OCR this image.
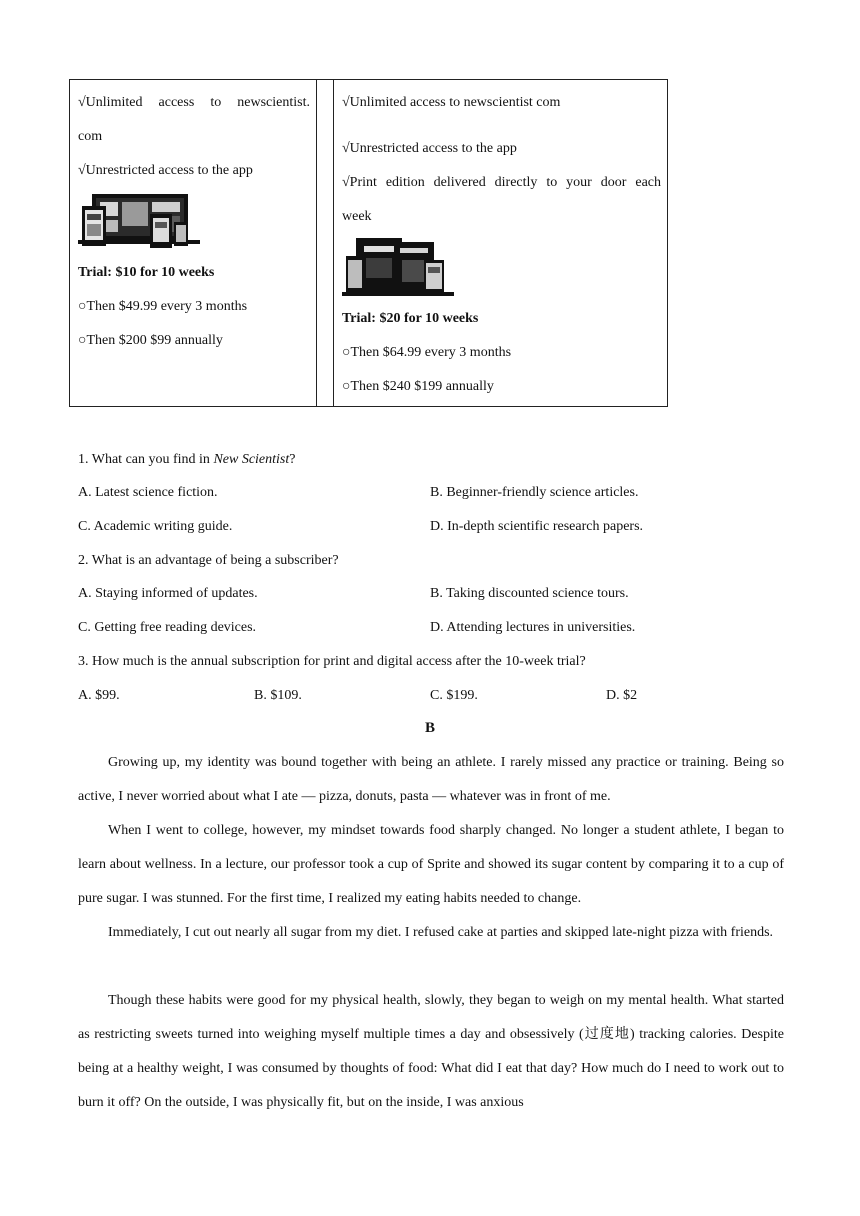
√Unlimited access to newscientist.
com
√Unrestricted access to the app
Trial: $10 for 10 weeks
○Then $49.99 every 3 months
○Then $200 $99 annually
√Unlimited access to newscientist com
√Unrestricted access to the app
√Print edition delivered directly to your door each
week
Trial: $20 for 10 weeks
○Then $64.99 every 3 months
○Then $240 $199 annually
1. What can you find in New Scientist?
A. Latest science fiction.	B. Beginner-friendly science articles.
C. Academic writing guide.	D. In-depth scientific research papers.
2. What is an advantage of being a subscriber?
A. Staying informed of updates.	B. Taking discounted science tours.
C. Getting free reading devices.	D. Attending lectures in universities.
3. How much is the annual subscription for print and digital access after the 10-week trial?
A. $99.	B. $109.	C. $199.	D. $2
B
Growing up, my identity was bound together with being an athlete. I rarely missed any practice or training. Being so active, I never worried about what I ate — pizza, donuts, pasta — whatever was in front of me.
When I went to college, however, my mindset towards food sharply changed. No longer a student athlete, I began to learn about wellness. In a lecture, our professor took a cup of Sprite and showed its sugar content by comparing it to a cup of pure sugar. I was stunned. For the first time, I realized my eating habits needed to change.
Immediately, I cut out nearly all sugar from my diet. I refused cake at parties and skipped late-night pizza with friends.
Though these habits were good for my physical health, slowly, they began to weigh on my mental health. What started as restricting sweets turned into weighing myself multiple times a day and obsessively (过度地) tracking calories. Despite being at a healthy weight, I was consumed by thoughts of food: What did I eat that day? How much do I need to work out to burn it off? On the outside, I was physically fit, but on the inside, I was anxious
